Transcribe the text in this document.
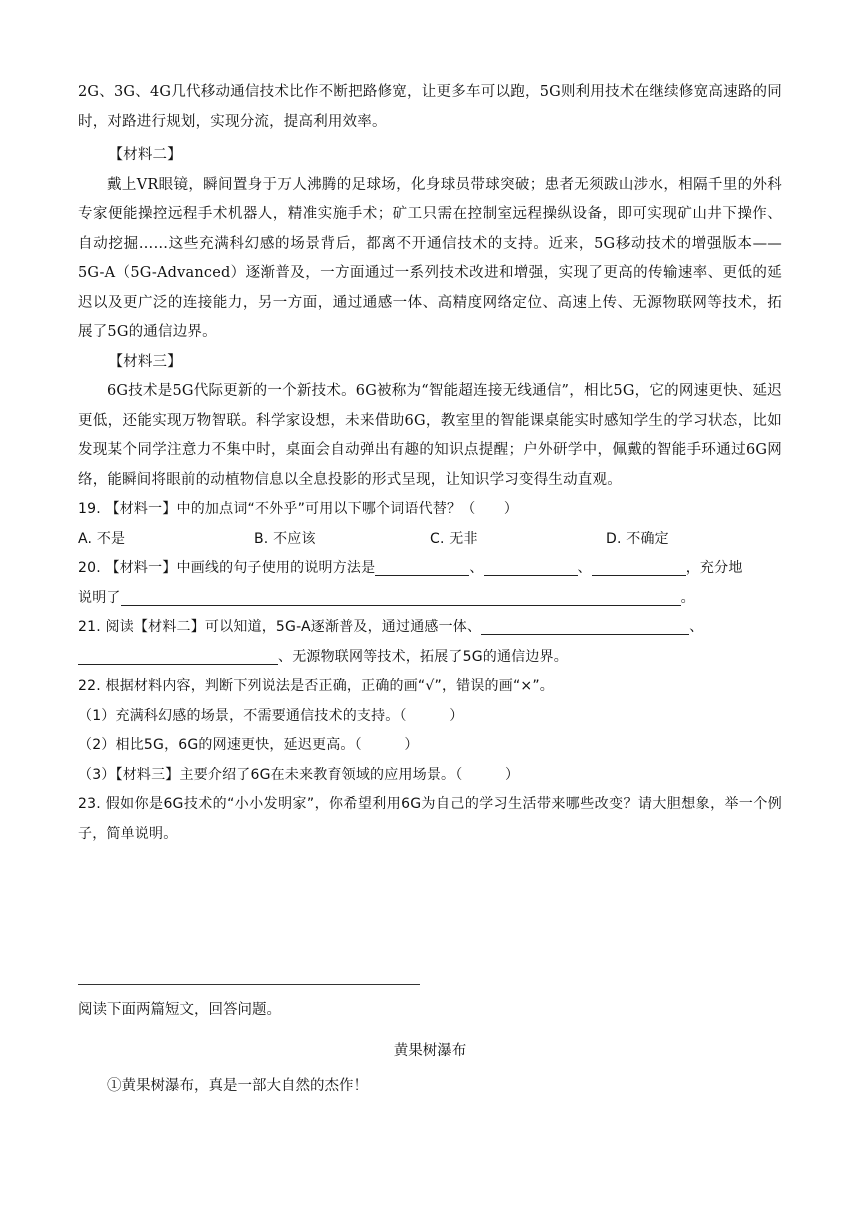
2G、3G、4G几代移动通信技术比作不断把路修宽，让更多车可以跑，5G则利用技术在继续修宽高速路的同时，对路进行规划，实现分流，提高利用效率。

【材料二】

戴上VR眼镜，瞬间置身于万人沸腾的足球场，化身球员带球突破；患者无须跋山涉水，相隔千里的外科专家便能操控远程手术机器人，精准实施手术；矿工只需在控制室远程操纵设备，即可实现矿山井下操作、自动挖掘……这些充满科幻感的场景背后，都离不开通信技术的支持。近来，5G移动技术的增强版本——5G-A（5G-Advanced）逐渐普及，一方面通过一系列技术改进和增强，实现了更高的传输速率、更低的延迟以及更广泛的连接能力，另一方面，通过通感一体、高精度网络定位、高速上传、无源物联网等技术，拓展了5G的通信边界。

【材料三】

6G技术是5G代际更新的一个新技术。6G被称为“智能超连接无线通信”，相比5G，它的网速更快、延迟更低，还能实现万物智联。科学家设想，未来借助6G，教室里的智能课桌能实时感知学生的学习状态，比如发现某个同学注意力不集中时，桌面会自动弹出有趣的知识点提醒；户外研学中，佩戴的智能手环通过6G网络，能瞬间将眼前的动植物信息以全息投影的形式呈现，让知识学习变得生动直观。

19. 【材料一】中的加点词“不外乎”可用以下哪个词语代替？（　　）

A. 不是	B. 不应该	C. 无非	D. 不确定

20. 【材料一】中画线的句子使用的说明方法是	、	、	，充分地

说明了	。

21. 阅读【材料二】可以知道，5G-A逐渐普及，通过通感一体、	、

、无源物联网等技术，拓展了5G的通信边界。

22. 根据材料内容，判断下列说法是否正确，正确的画“√”，错误的画“×”。

（1）充满科幻感的场景，不需要通信技术的支持。（　　　）

（2）相比5G，6G的网速更快，延迟更高。（　　　）

（3）【材料三】主要介绍了6G在未来教育领域的应用场景。（　　　）

23. 假如你是6G技术的“小小发明家”，你希望利用6G为自己的学习生活带来哪些改变？请大胆想象，举一个例子，简单说明。

阅读下面两篇短文，回答问题。

黄果树瀑布

①黄果树瀑布，真是一部大自然的杰作！
